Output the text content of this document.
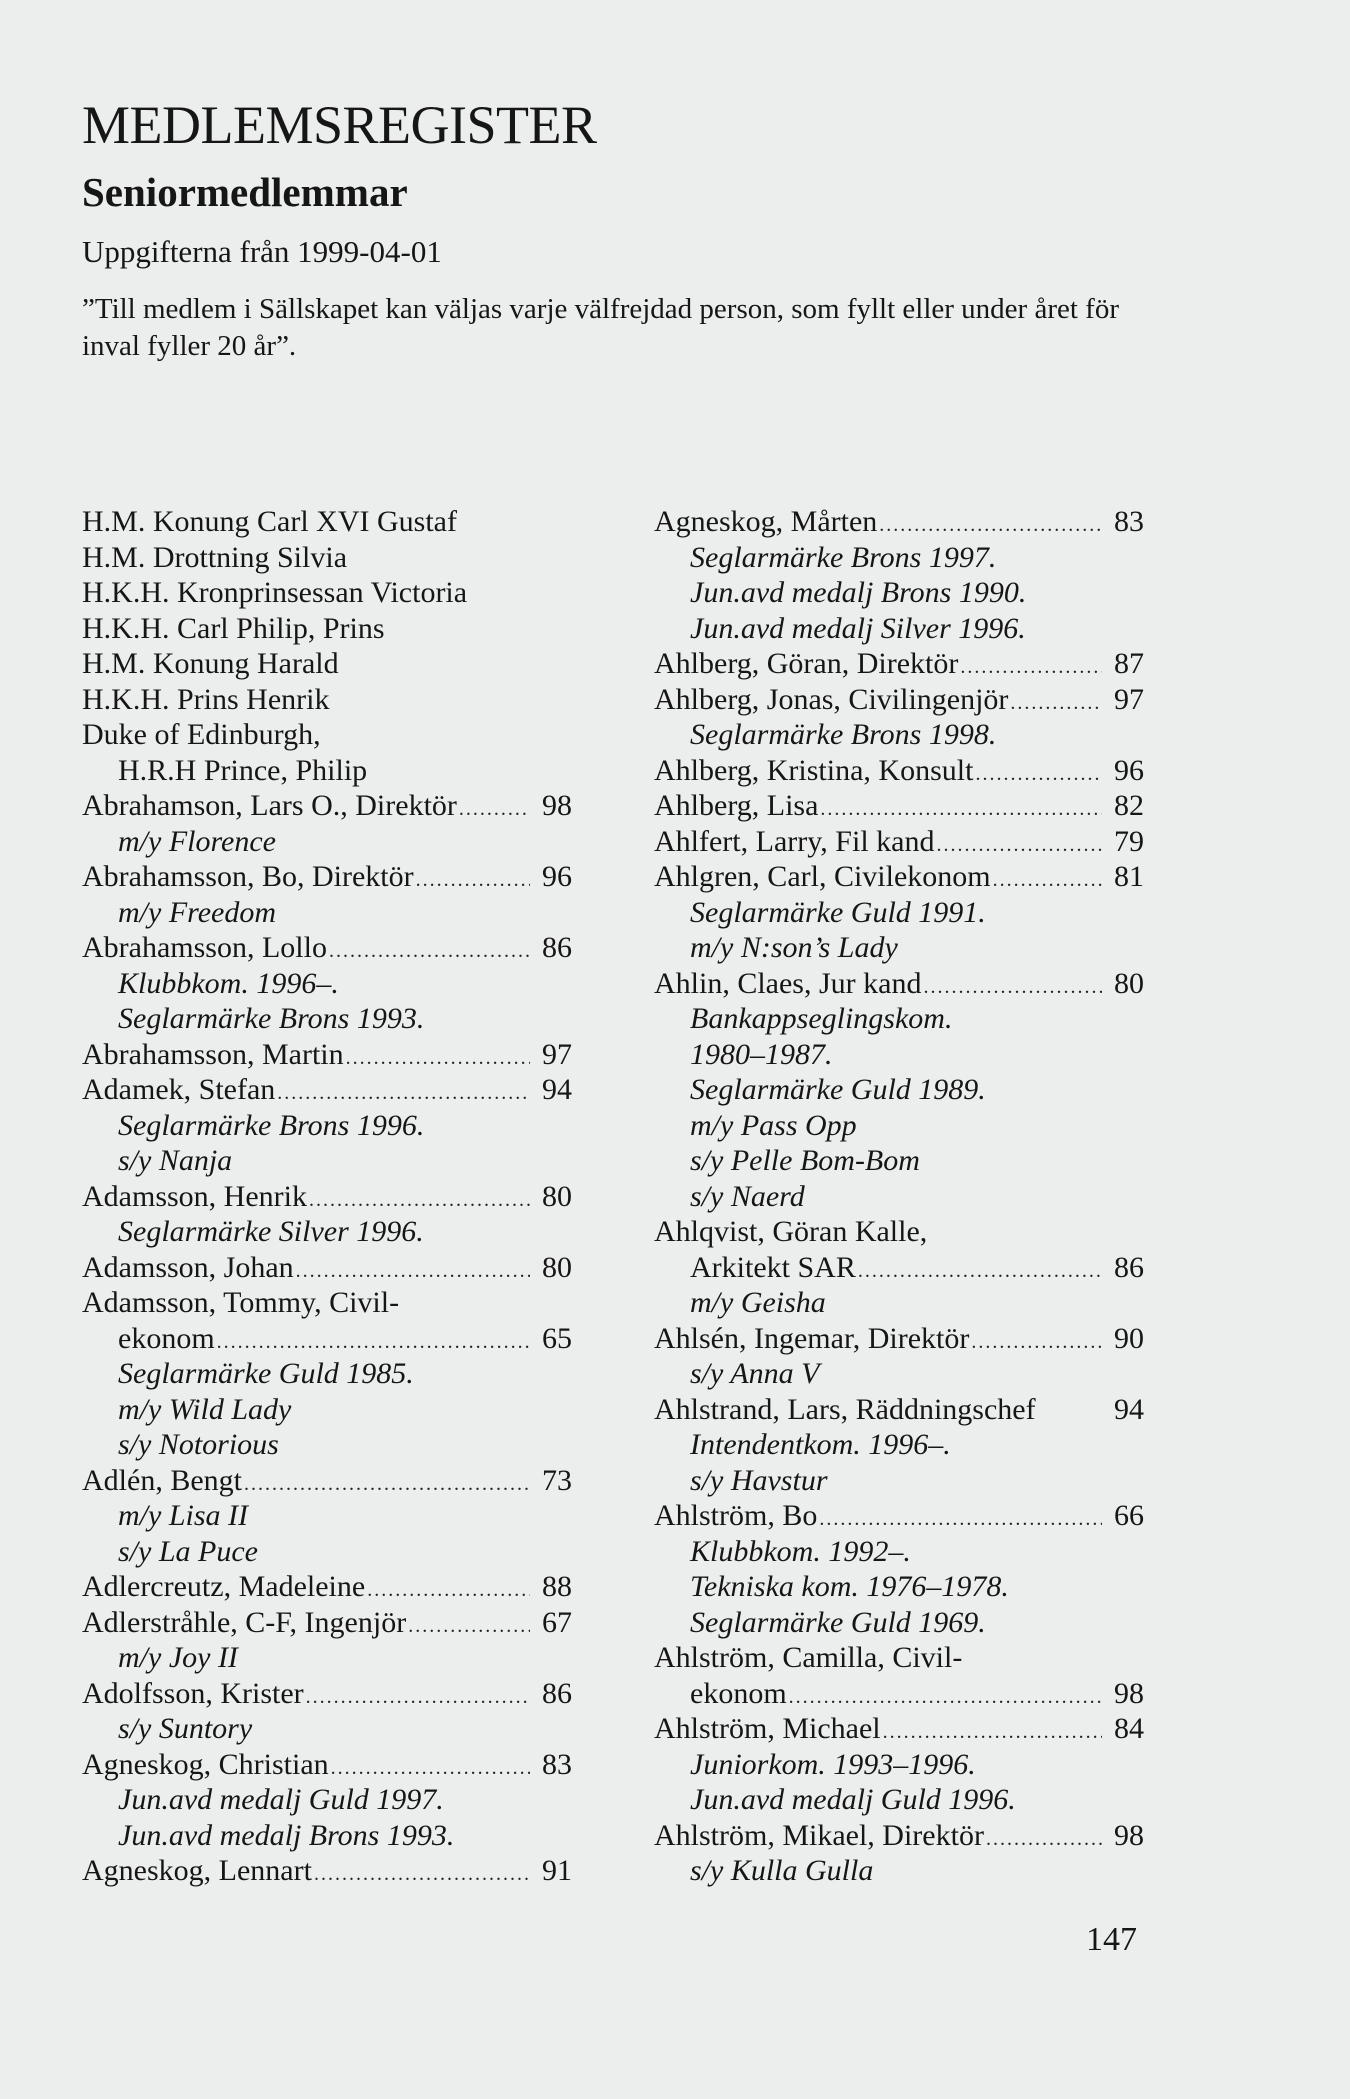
MEDLEMSREGISTER
Seniormedlemmar
Uppgifterna från 1999-04-01
”Till medlem i Sällskapet kan väljas varje välfrejdad person, som fyllt eller under året för inval fyller 20 år”.
H.M. Konung Carl XVI Gustaf
H.M. Drottning Silvia
H.K.H. Kronprinsessan Victoria
H.K.H. Carl Philip, Prins
H.M. Konung Harald
H.K.H. Prins Henrik
Duke of Edinburgh,
H.R.H Prince, Philip
Abrahamson, Lars O., Direktör .....	98
m/y Florence
Abrahamsson, Bo, Direktör .....	96
m/y Freedom
Abrahamsson, Lollo .....	86
Klubbkom. 1996–.
Seglarmärke Brons 1993.
Abrahamsson, Martin .....	97
Adamek, Stefan .....	94
Seglarmärke Brons 1996.
s/y Nanja
Adamsson, Henrik .....	80
Seglarmärke Silver 1996.
Adamsson, Johan .....	80
Adamsson, Tommy, Civil-
ekonom .....	65
Seglarmärke Guld 1985.
m/y Wild Lady
s/y Notorious
Adlén, Bengt .....	73
m/y Lisa II
s/y La Puce
Adlercreutz, Madeleine .....	88
Adlerstråhle, C-F, Ingenjör .....	67
m/y Joy II
Adolfsson, Krister .....	86
s/y Suntory
Agneskog, Christian .....	83
Jun.avd medalj Guld 1997.
Jun.avd medalj Brons 1993.
Agneskog, Lennart .....	91
Agneskog, Mårten .....	83
Seglarmärke Brons 1997.
Jun.avd medalj Brons 1990.
Jun.avd medalj Silver 1996.
Ahlberg, Göran, Direktör .....	87
Ahlberg, Jonas, Civilingenjör .....	97
Seglarmärke Brons 1998.
Ahlberg, Kristina, Konsult .....	96
Ahlberg, Lisa .....	82
Ahlfert, Larry, Fil kand .....	79
Ahlgren, Carl, Civilekonom .....	81
Seglarmärke Guld 1991.
m/y N:son’s Lady
Ahlin, Claes, Jur kand .....	80
Bankappseglingskom.
1980–1987.
Seglarmärke Guld 1989.
m/y Pass Opp
s/y Pelle Bom-Bom
s/y Naerd
Ahlqvist, Göran Kalle,
Arkitekt SAR .....	86
m/y Geisha
Ahlsén, Ingemar, Direktör .....	90
s/y Anna V
Ahlstrand, Lars, Räddningschef	94
Intendentkom. 1996–.
s/y Havstur
Ahlström, Bo .....	66
Klubbkom. 1992–.
Tekniska kom. 1976–1978.
Seglarmärke Guld 1969.
Ahlström, Camilla, Civil-
ekonom .....	98
Ahlström, Michael .....	84
Juniorkom. 1993–1996.
Jun.avd medalj Guld 1996.
Ahlström, Mikael, Direktör .....	98
s/y Kulla Gulla
147
